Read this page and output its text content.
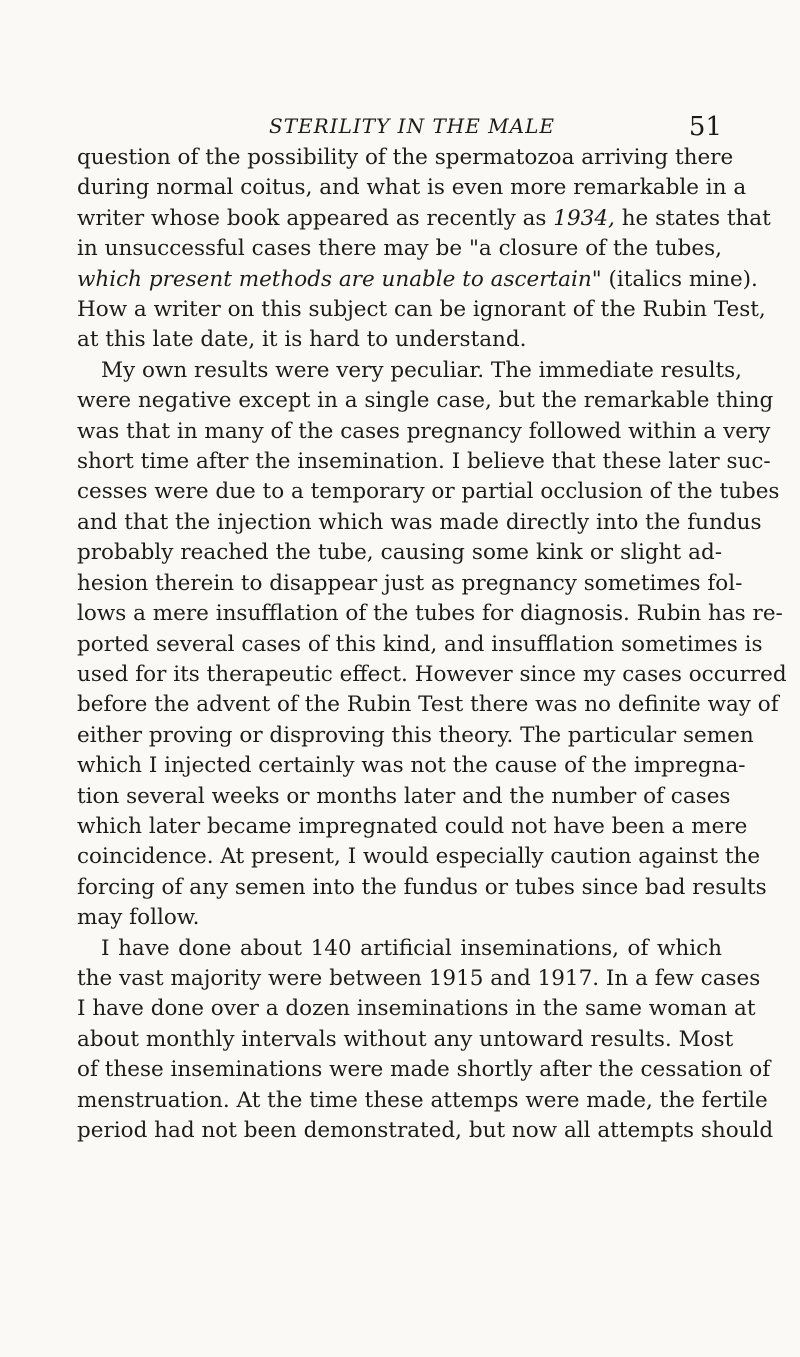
STERILITY IN THE MALE	51
question of the possibility of the spermatozoa arriving there
during normal coitus, and what is even more remarkable in a
writer whose book appeared as recently as 1934, he states that
in unsuccessful cases there may be "a closure of the tubes,
which present methods are unable to ascertain" (italics mine).
How a writer on this subject can be ignorant of the Rubin Test,
at this late date, it is hard to understand.
My own results were very peculiar. The immediate results,
were negative except in a single case, but the remarkable thing
was that in many of the cases pregnancy followed within a very
short time after the insemination. I believe that these later suc-
cesses were due to a temporary or partial occlusion of the tubes
and that the injection which was made directly into the fundus
probably reached the tube, causing some kink or slight ad-
hesion therein to disappear just as pregnancy sometimes fol-
lows a mere insufflation of the tubes for diagnosis. Rubin has re-
ported several cases of this kind, and insufflation sometimes is
used for its therapeutic effect. However since my cases occurred
before the advent of the Rubin Test there was no definite way of
either proving or disproving this theory. The particular semen
which I injected certainly was not the cause of the impregna-
tion several weeks or months later and the number of cases
which later became impregnated could not have been a mere
coincidence. At present, I would especially caution against the
forcing of any semen into the fundus or tubes since bad results
may follow.
I have done about 140 artificial inseminations, of which
the vast majority were between 1915 and 1917. In a few cases
I have done over a dozen inseminations in the same woman at
about monthly intervals without any untoward results. Most
of these inseminations were made shortly after the cessation of
menstruation. At the time these attemps were made, the fertile
period had not been demonstrated, but now all attempts should
